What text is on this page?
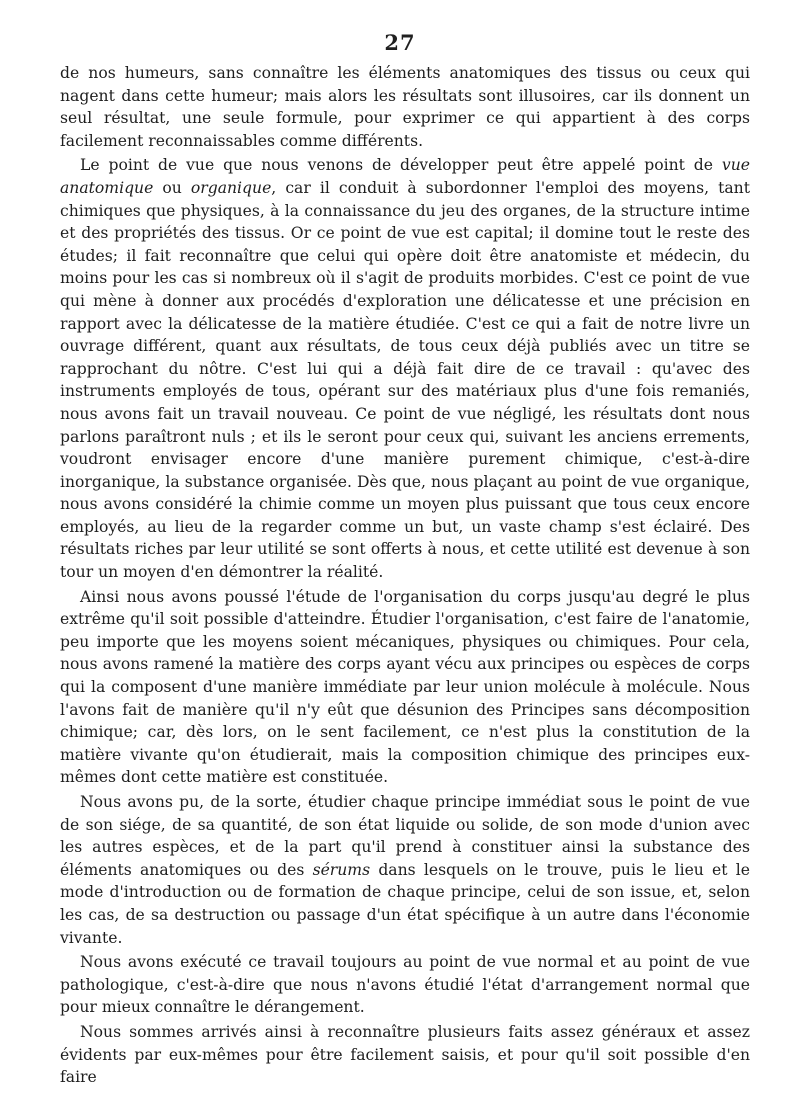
27

de nos humeurs, sans connaître les éléments anatomiques des tissus ou ceux qui nagent dans cette humeur; mais alors les résultats sont illusoires, car ils donnent un seul résultat, une seule formule, pour exprimer ce qui appartient à des corps facilement reconnaissables comme différents.

Le point de vue que nous venons de développer peut être appelé point de vue anatomique ou organique, car il conduit à subordonner l'emploi des moyens, tant chimiques que physiques, à la connaissance du jeu des organes, de la structure intime et des propriétés des tissus. Or ce point de vue est capital; il domine tout le reste des études; il fait reconnaître que celui qui opère doit être anatomiste et médecin, du moins pour les cas si nombreux où il s'agit de produits morbides. C'est ce point de vue qui mène à donner aux procédés d'exploration une délicatesse et une précision en rapport avec la délicatesse de la matière étudiée. C'est ce qui a fait de notre livre un ouvrage différent, quant aux résultats, de tous ceux déjà publiés avec un titre se rapprochant du nôtre. C'est lui qui a déjà fait dire de ce travail : qu'avec des instruments employés de tous, opérant sur des matériaux plus d'une fois remaniés, nous avons fait un travail nouveau. Ce point de vue négligé, les résultats dont nous parlons paraîtront nuls ; et ils le seront pour ceux qui, suivant les anciens errements, voudront envisager encore d'une manière purement chimique, c'est-à-dire inorganique, la substance organisée. Dès que, nous plaçant au point de vue organique, nous avons considéré la chimie comme un moyen plus puissant que tous ceux encore employés, au lieu de la regarder comme un but, un vaste champ s'est éclairé. Des résultats riches par leur utilité se sont offerts à nous, et cette utilité est devenue à son tour un moyen d'en démontrer la réalité.

Ainsi nous avons poussé l'étude de l'organisation du corps jusqu'au degré le plus extrême qu'il soit possible d'atteindre. Étudier l'organisation, c'est faire de l'anatomie, peu importe que les moyens soient mécaniques, physiques ou chimiques. Pour cela, nous avons ramené la matière des corps ayant vécu aux principes ou espèces de corps qui la composent d'une manière immédiate par leur union molécule à molécule. Nous l'avons fait de manière qu'il n'y eût que désunion des Principes sans décomposition chimique; car, dès lors, on le sent facilement, ce n'est plus la constitution de la matière vivante qu'on étudierait, mais la composition chimique des principes eux-mêmes dont cette matière est constituée.

Nous avons pu, de la sorte, étudier chaque principe immédiat sous le point de vue de son siége, de sa quantité, de son état liquide ou solide, de son mode d'union avec les autres espèces, et de la part qu'il prend à constituer ainsi la substance des éléments anatomiques ou des sérums dans lesquels on le trouve, puis le lieu et le mode d'introduction ou de formation de chaque principe, celui de son issue, et, selon les cas, de sa destruction ou passage d'un état spécifique à un autre dans l'économie vivante.

Nous avons exécuté ce travail toujours au point de vue normal et au point de vue pathologique, c'est-à-dire que nous n'avons étudié l'état d'arrangement normal que pour mieux connaître le dérangement.

Nous sommes arrivés ainsi à reconnaître plusieurs faits assez généraux et assez évidents par eux-mêmes pour être facilement saisis, et pour qu'il soit possible d'en faire
